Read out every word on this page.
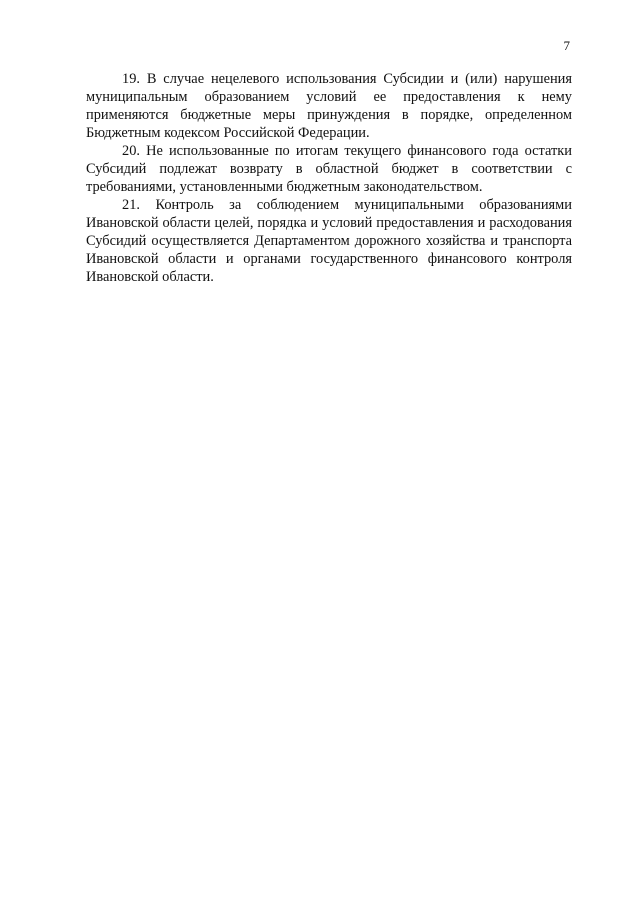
7

19. В случае нецелевого использования Субсидии и (или) нарушения муниципальным образованием условий ее предоставления к нему применяются бюджетные меры принуждения в порядке, определенном Бюджетным кодексом Российской Федерации.

20. Не использованные по итогам текущего финансового года остатки Субсидий подлежат возврату в областной бюджет в соответствии с требованиями, установленными бюджетным законодательством.

21. Контроль за соблюдением муниципальными образованиями Ивановской области целей, порядка и условий предоставления и расходования Субсидий осуществляется Департаментом дорожного хозяйства и транспорта Ивановской области и органами государственного финансового контроля Ивановской области.
